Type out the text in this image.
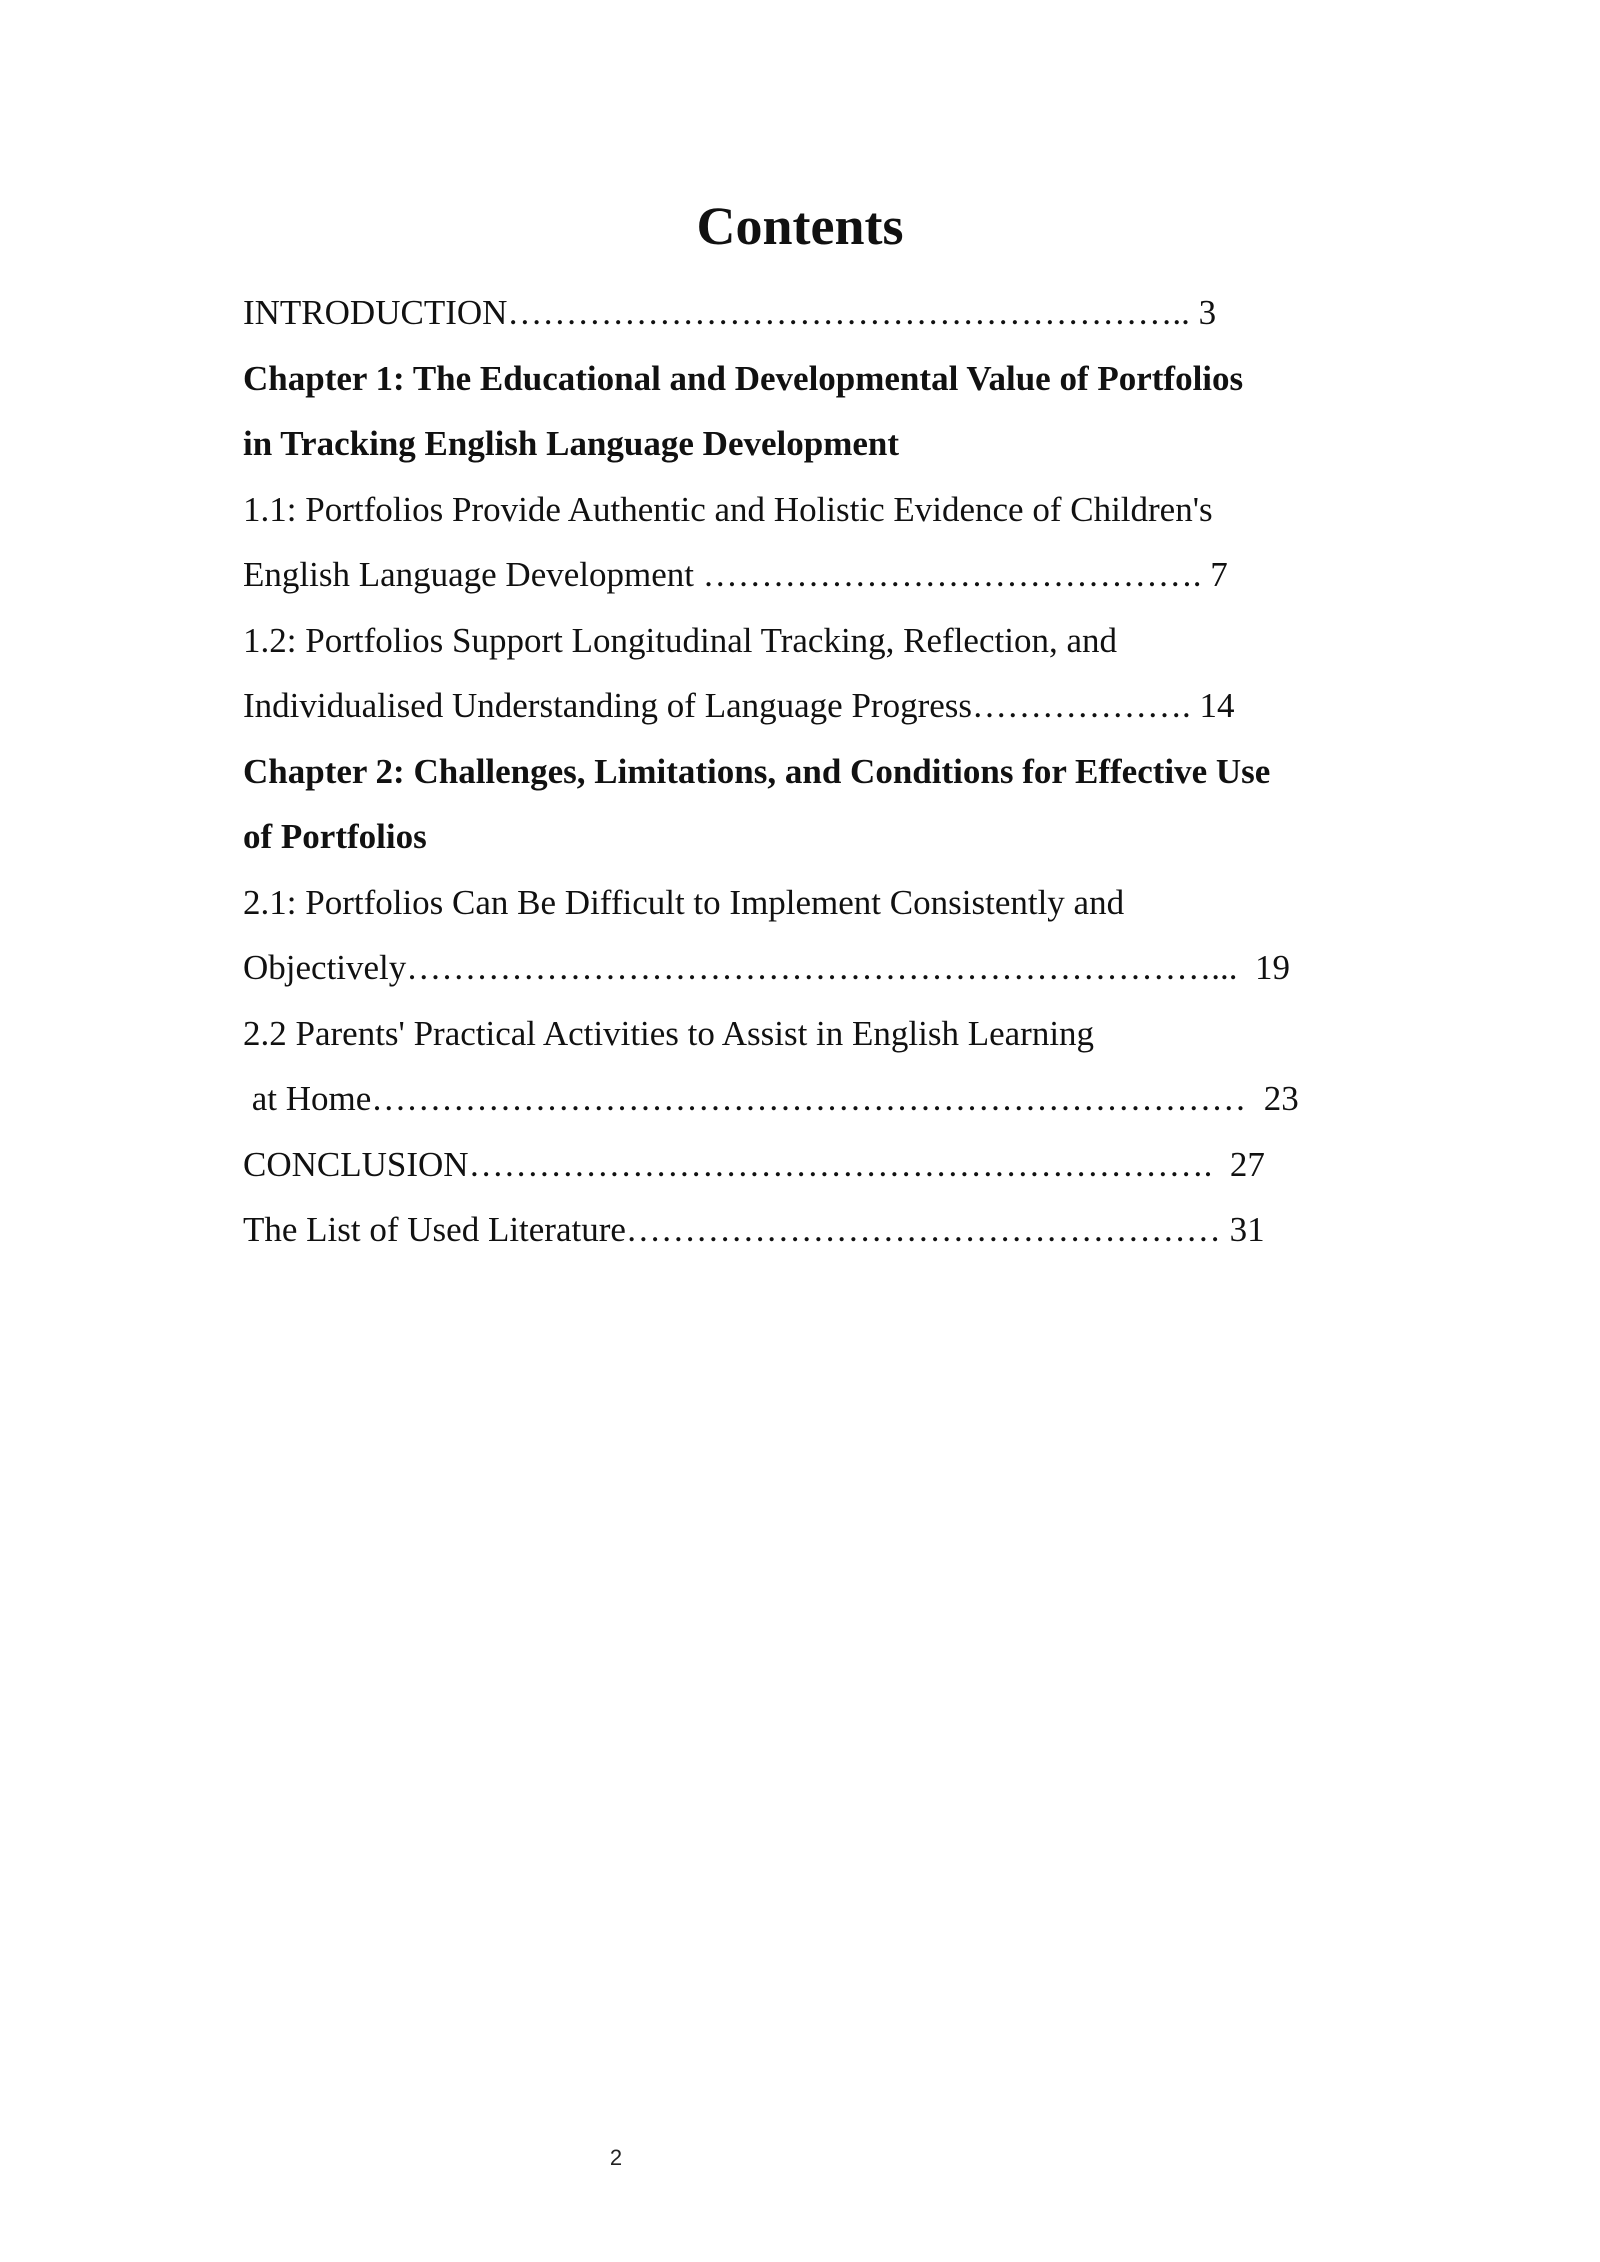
Contents
INTRODUCTION………………………………………………….. 3
Chapter 1: The Educational and Developmental Value of Portfolios
in Tracking English Language Development
1.1: Portfolios Provide Authentic and Holistic Evidence of Children's
English Language Development ……………………………………. 7
1.2: Portfolios Support Longitudinal Tracking, Reflection, and
Individualised Understanding of Language Progress………………. 14
Chapter 2: Challenges, Limitations, and Conditions for Effective Use
of Portfolios
2.1: Portfolios Can Be Difficult to Implement Consistently and
Objectively……………………………………………………………...  19
2.2 Parents' Practical Activities to Assist in English Learning
at Home…………………………………………………………………  23
CONCLUSION……………………………………………………….  27
The List of Used Literature…………………………………………… 31
2
